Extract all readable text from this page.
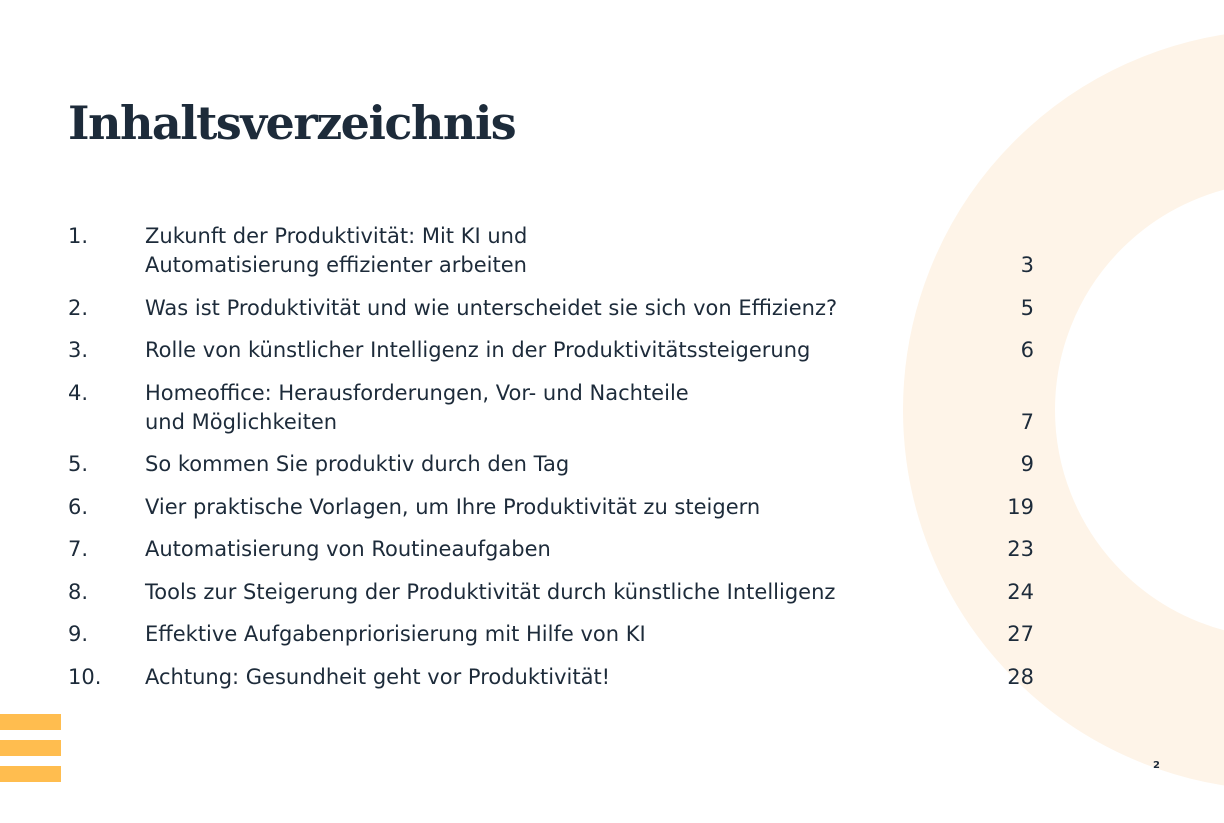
Inhaltsverzeichnis
1.	Zukunft der Produktivität: Mit KI und
Automatisierung effizienter arbeiten	3
2.	Was ist Produktivität und wie unterscheidet sie sich von Effizienz?	5
3.	Rolle von künstlicher Intelligenz in der Produktivitätssteigerung	6
4.	Homeoffice: Herausforderungen, Vor- und Nachteile
und Möglichkeiten	7
5.	So kommen Sie produktiv durch den Tag	9
6.	Vier praktische Vorlagen, um Ihre Produktivität zu steigern	19
7.	Automatisierung von Routineaufgaben	23
8.	Tools zur Steigerung der Produktivität durch künstliche Intelligenz	24
9.	Effektive Aufgabenpriorisierung mit Hilfe von KI	27
10. Achtung: Gesundheit geht vor Produktivität!	28
2
